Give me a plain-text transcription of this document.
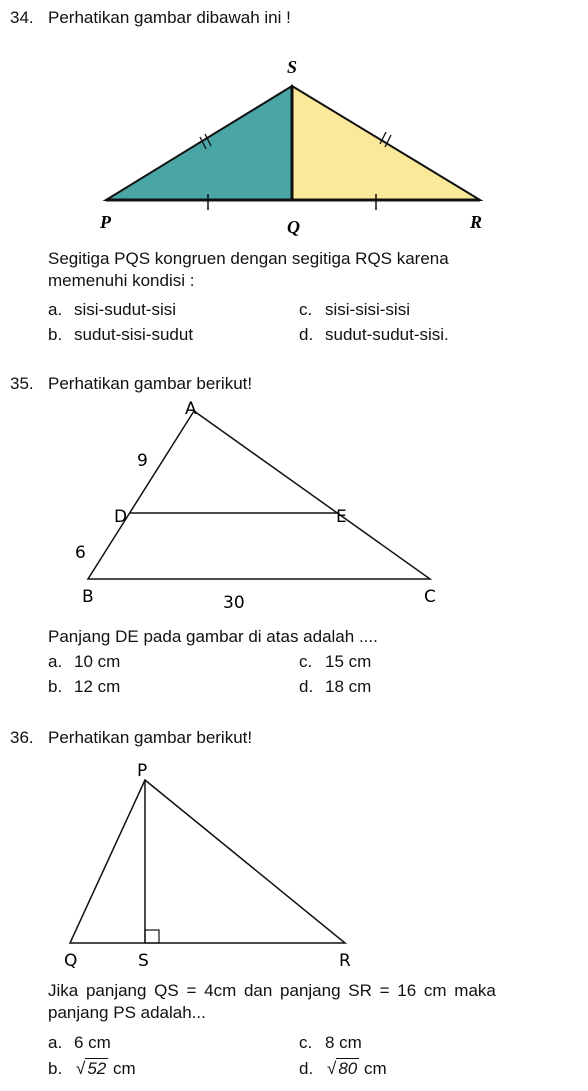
34. Perhatikan gambar dibawah ini !
S
P	Q	R
Segitiga PQS kongruen dengan segitiga RQS karena
memenuhi kondisi :
a. sisi-sudut-sisi
b. sudut-sisi-sudut
c. sisi-sisi-sisi
d. sudut-sudut-sisi.
35. Perhatikan gambar berikut!
A
9
D	E
6
B	30	C
Panjang DE pada gambar di atas adalah ....
a. 10 cm
b. 12 cm
c. 15 cm
d. 18 cm
36. Perhatikan gambar berikut!
P
Q	S	R
Jika panjang QS = 4cm dan panjang SR = 16 cm maka
panjang PS adalah...
a. 6 cm
b. √ 52 cm
c. 8 cm
d. √ 80 cm
